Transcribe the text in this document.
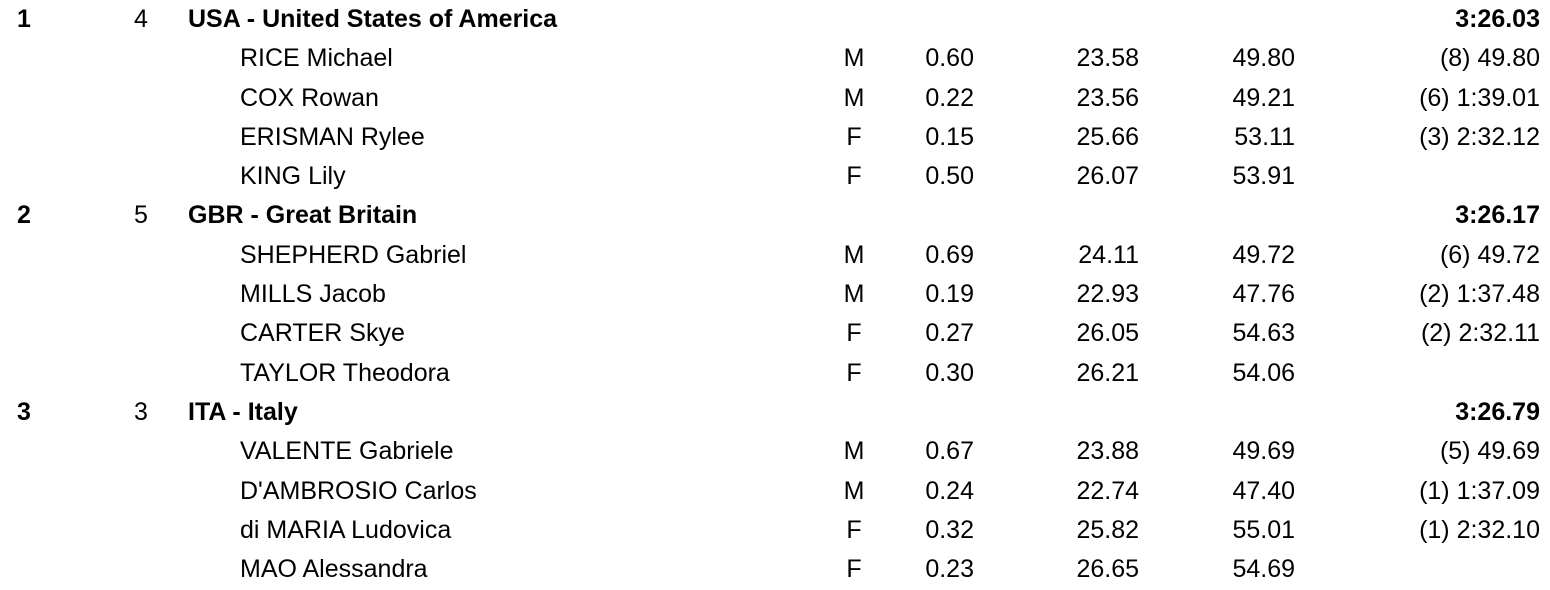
1	4 USA - United States of America	3:26.03
RICE Michael	M 0.60	23.58	49.80	(8) 49.80
COX Rowan	M 0.22	23.56	49.21	(6) 1:39.01
ERISMAN Rylee	F	0.15	25.66	53.11	(3) 2:32.12
KING Lily	F	0.50	26.07	53.91
2	5 GBR - Great Britain	3:26.17
SHEPHERD Gabriel	M 0.69	24.11	49.72	(6) 49.72
MILLS Jacob	M 0.19	22.93	47.76	(2) 1:37.48
CARTER Skye	F	0.27	26.05	54.63	(2) 2:32.11
TAYLOR Theodora	F	0.30	26.21	54.06
3	3 ITA - Italy	3:26.79
VALENTE Gabriele	M 0.67	23.88	49.69	(5) 49.69
D'AMBROSIO Carlos	M 0.24	22.74	47.40	(1) 1:37.09
di MARIA Ludovica	F	0.32	25.82	55.01	(1) 2:32.10
MAO Alessandra	F	0.23	26.65	54.69
